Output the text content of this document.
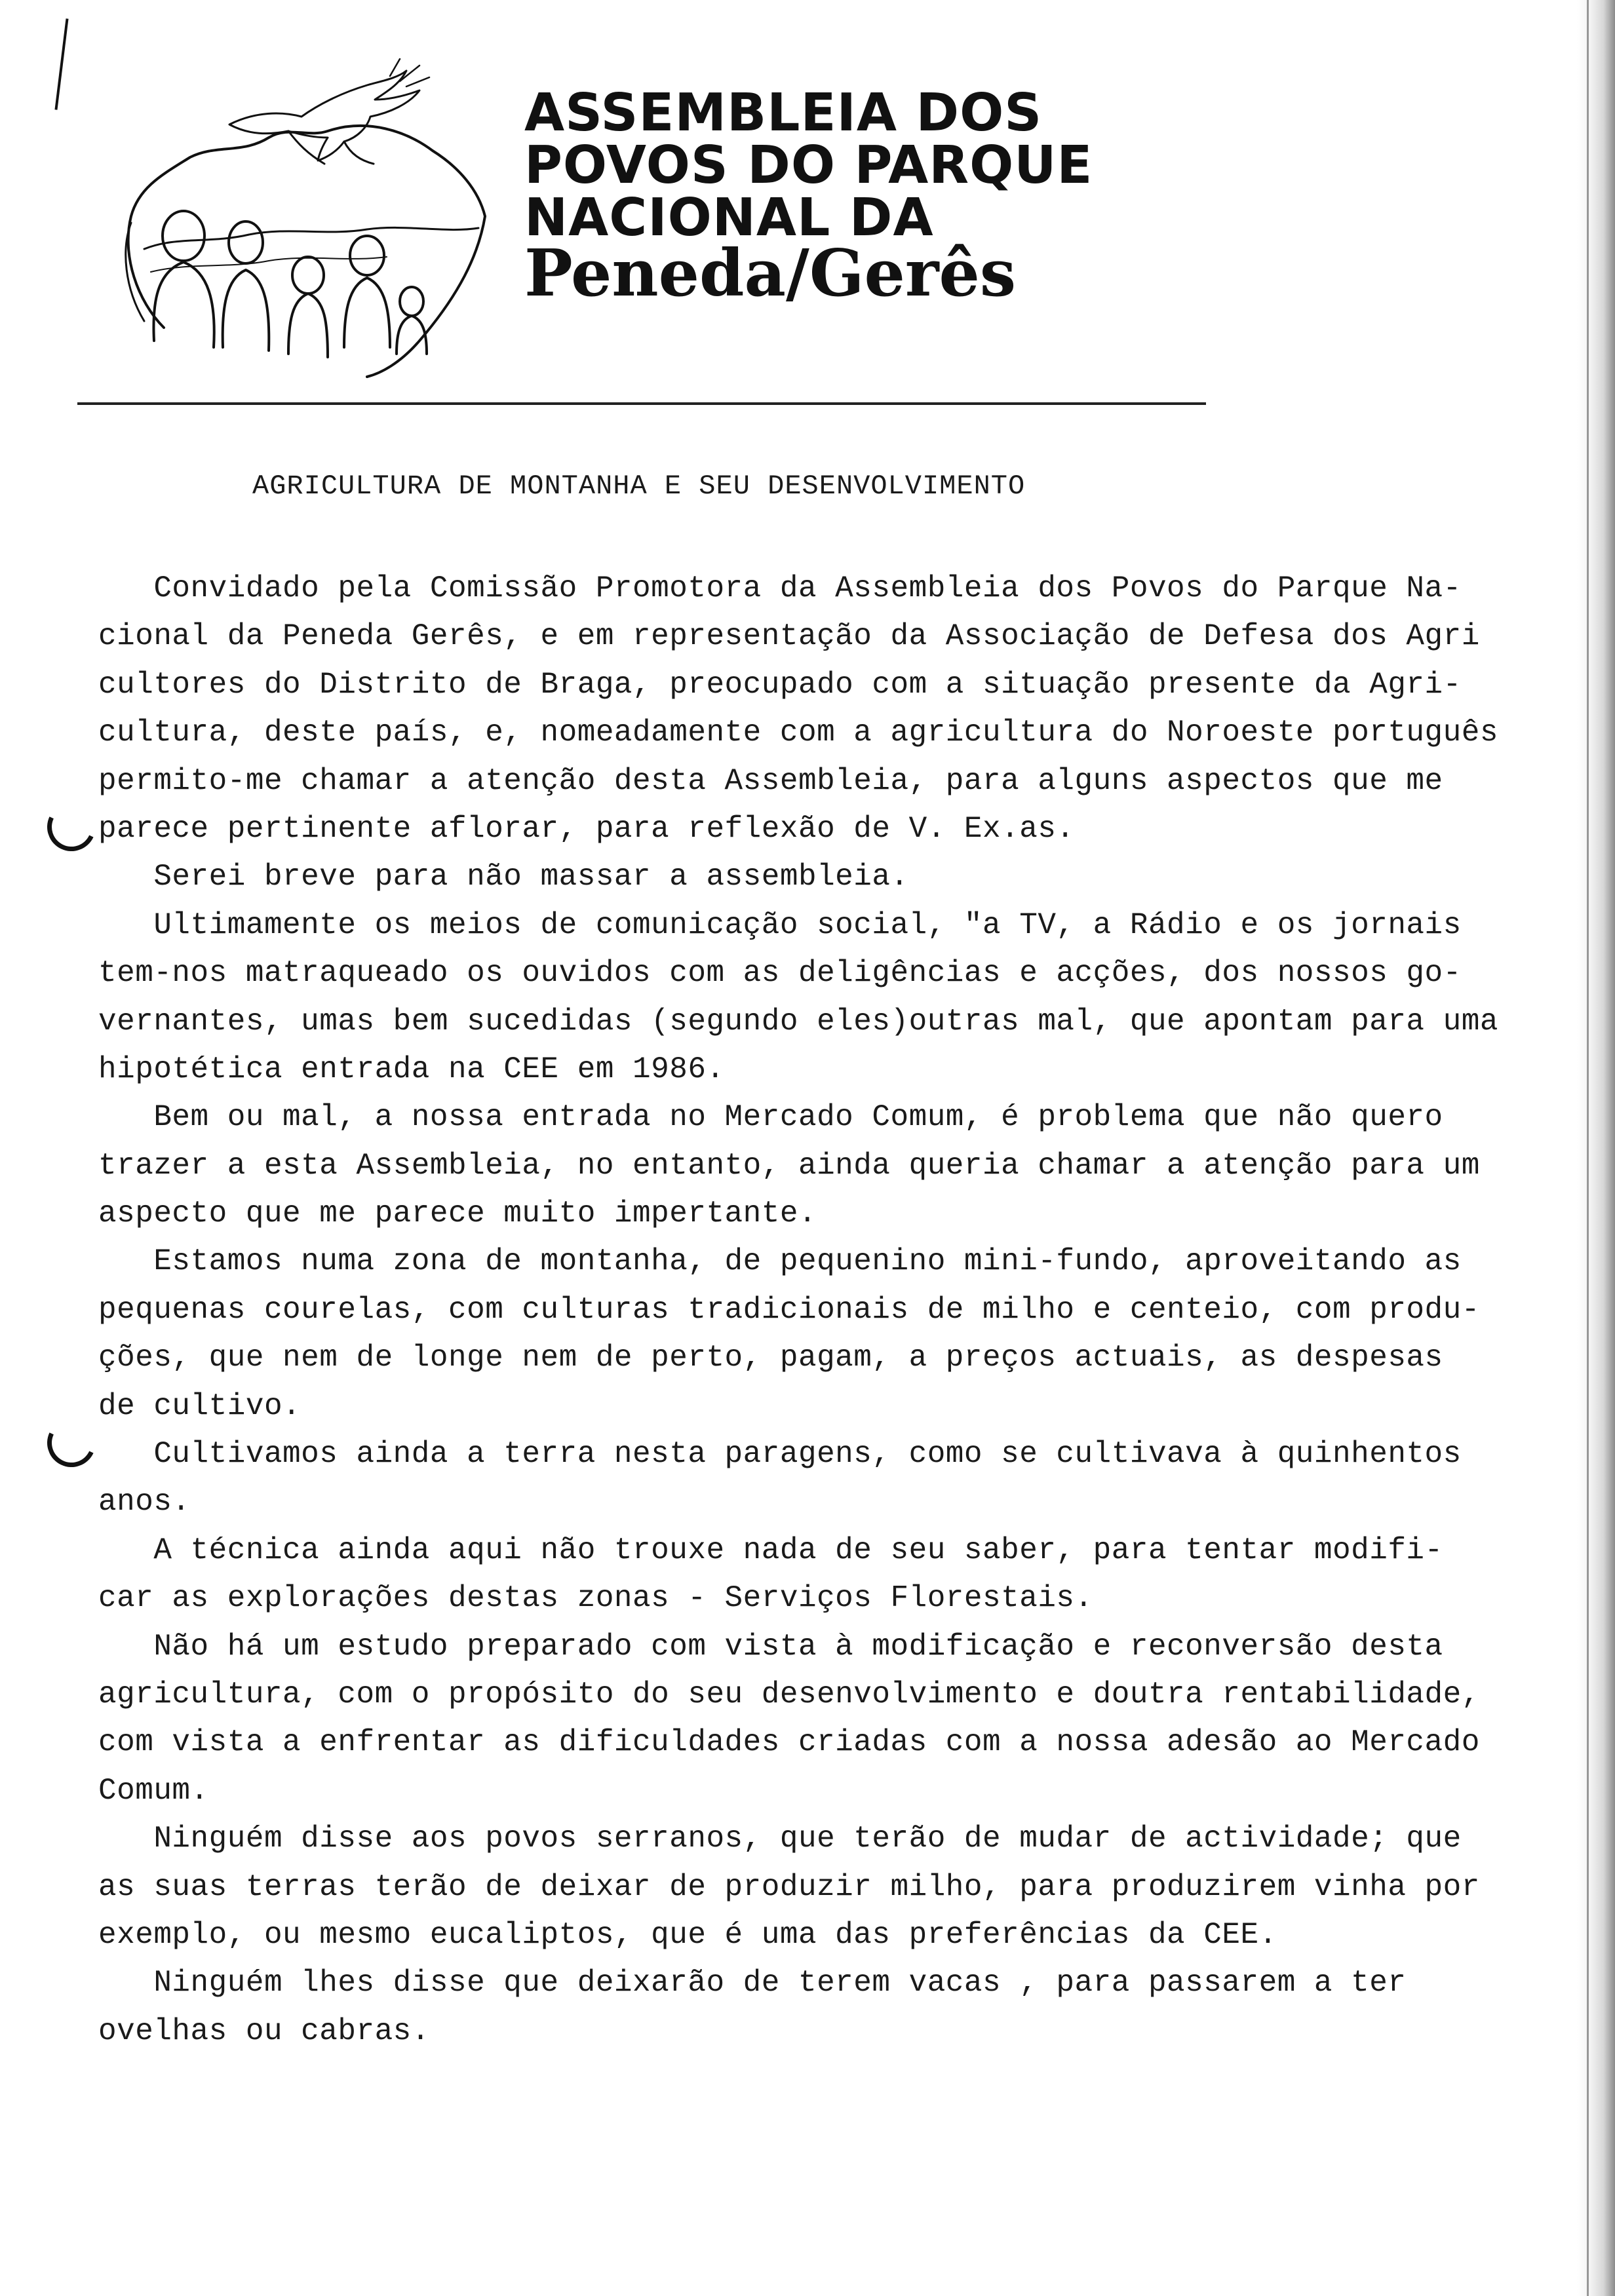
ASSEMBLEIA DOS
POVOS DO PARQUE
NACIONAL DA
Peneda/Gerês
AGRICULTURA DE MONTANHA E SEU DESENVOLVIMENTO
Convidado pela Comissão Promotora da Assembleia dos Povos do Parque Na-
cional da Peneda Gerês, e em representação da Associação de Defesa dos Agri
cultores do Distrito de Braga, preocupado com a situação presente da Agri-
cultura, deste país, e, nomeadamente com a agricultura do Noroeste português
permito-me chamar a atenção desta Assembleia, para alguns aspectos que me
parece pertinente aflorar, para reflexão de V. Ex.as.
Serei breve para não massar a assembleia.
Ultimamente os meios de comunicação social, "a TV, a Rádio e os jornais
tem-nos matraqueado os ouvidos com as deligências e acções, dos nossos go-
vernantes, umas bem sucedidas (segundo eles)outras mal, que apontam para uma
hipotética entrada na CEE em 1986.
Bem ou mal, a nossa entrada no Mercado Comum, é problema que não quero
trazer a esta Assembleia, no entanto, ainda queria chamar a atenção para um
aspecto que me parece muito impertante.
Estamos numa zona de montanha, de pequenino mini-fundo, aproveitando as
pequenas courelas, com culturas tradicionais de milho e centeio, com produ-
ções, que nem de longe nem de perto, pagam, a preços actuais, as despesas
de cultivo.
Cultivamos ainda a terra nesta paragens, como se cultivava à quinhentos
anos.
A técnica ainda aqui não trouxe nada de seu saber, para tentar modifi-
car as explorações destas zonas - Serviços Florestais.
Não há um estudo preparado com vista à modificação e reconversão desta
agricultura, com o propósito do seu desenvolvimento e doutra rentabilidade,
com vista a enfrentar as dificuldades criadas com a nossa adesão ao Mercado
Comum.
Ninguém disse aos povos serranos, que terão de mudar de actividade; que
as suas terras terão de deixar de produzir milho, para produzirem vinha por
exemplo, ou mesmo eucaliptos, que é uma das preferências da CEE.
Ninguém lhes disse que deixarão de terem vacas , para passarem a ter
ovelhas ou cabras.
